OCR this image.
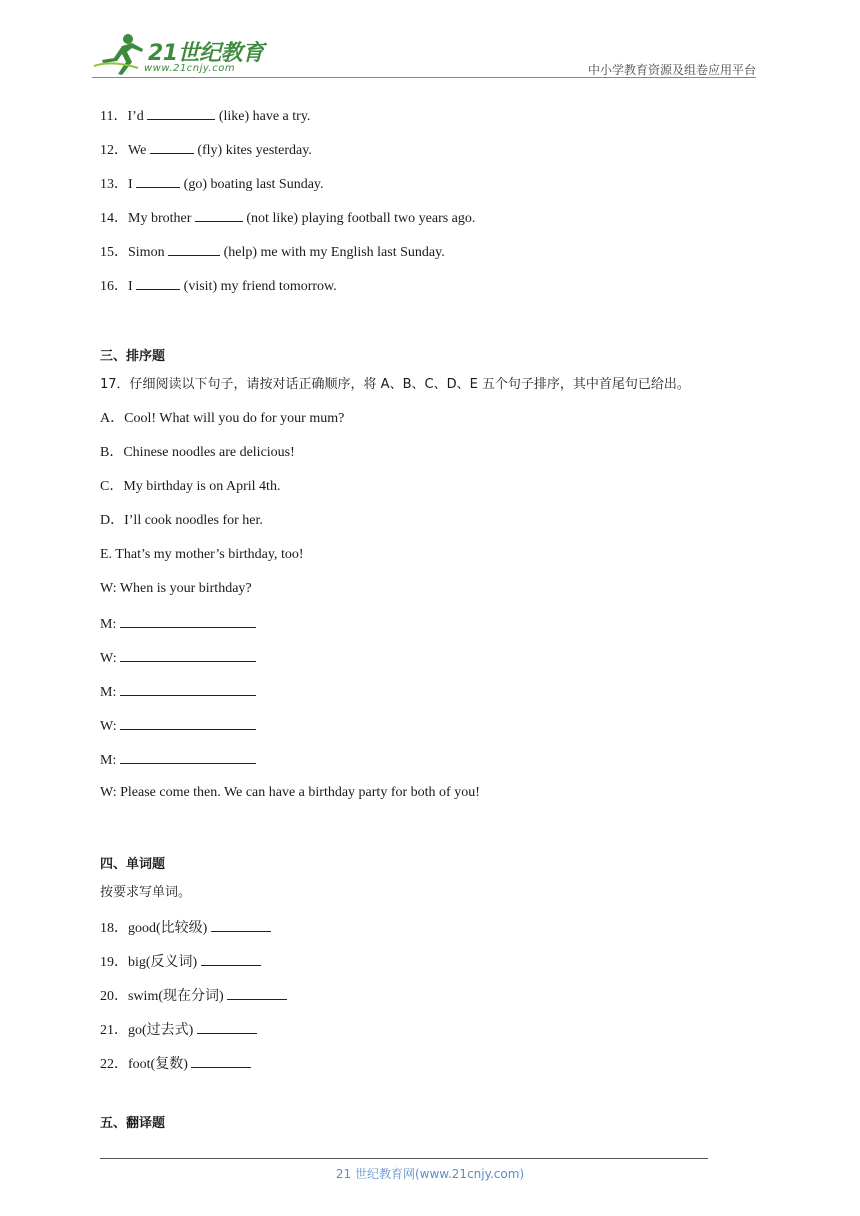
21世纪教育
www.21cnjy.com	中小学教育资源及组卷应用平台
11．I’d	(like) have a try.
12．We	(fly) kites yesterday.
13．I	(go) boating last Sunday.
14．My brother	(not like) playing football two years ago.
15．Simon	(help) me with my English last Sunday.
16．I	(visit) my friend tomorrow.
三、排序题
17．仔细阅读以下句子，请按对话正确顺序，将 A、B、C、D、E 五个句子排序，其中首尾句已给出。
A．Cool! What will you do for your mum?
B．Chinese noodles are delicious!
C．My birthday is on April 4th.
D．I’ll cook noodles for her.
E. That’s my mother’s birthday, too!
W: When is your birthday?
M:
W:
M:
W:
M:
W: Please come then. We can have a birthday party for both of you!
四、单词题
按要求写单词。
18．good(比较级)
19．big(反义词)
20．swim(现在分词)
21．go(过去式)
22．foot(复数)
五、翻译题
21 世纪教育网(www.21cnjy.com)
